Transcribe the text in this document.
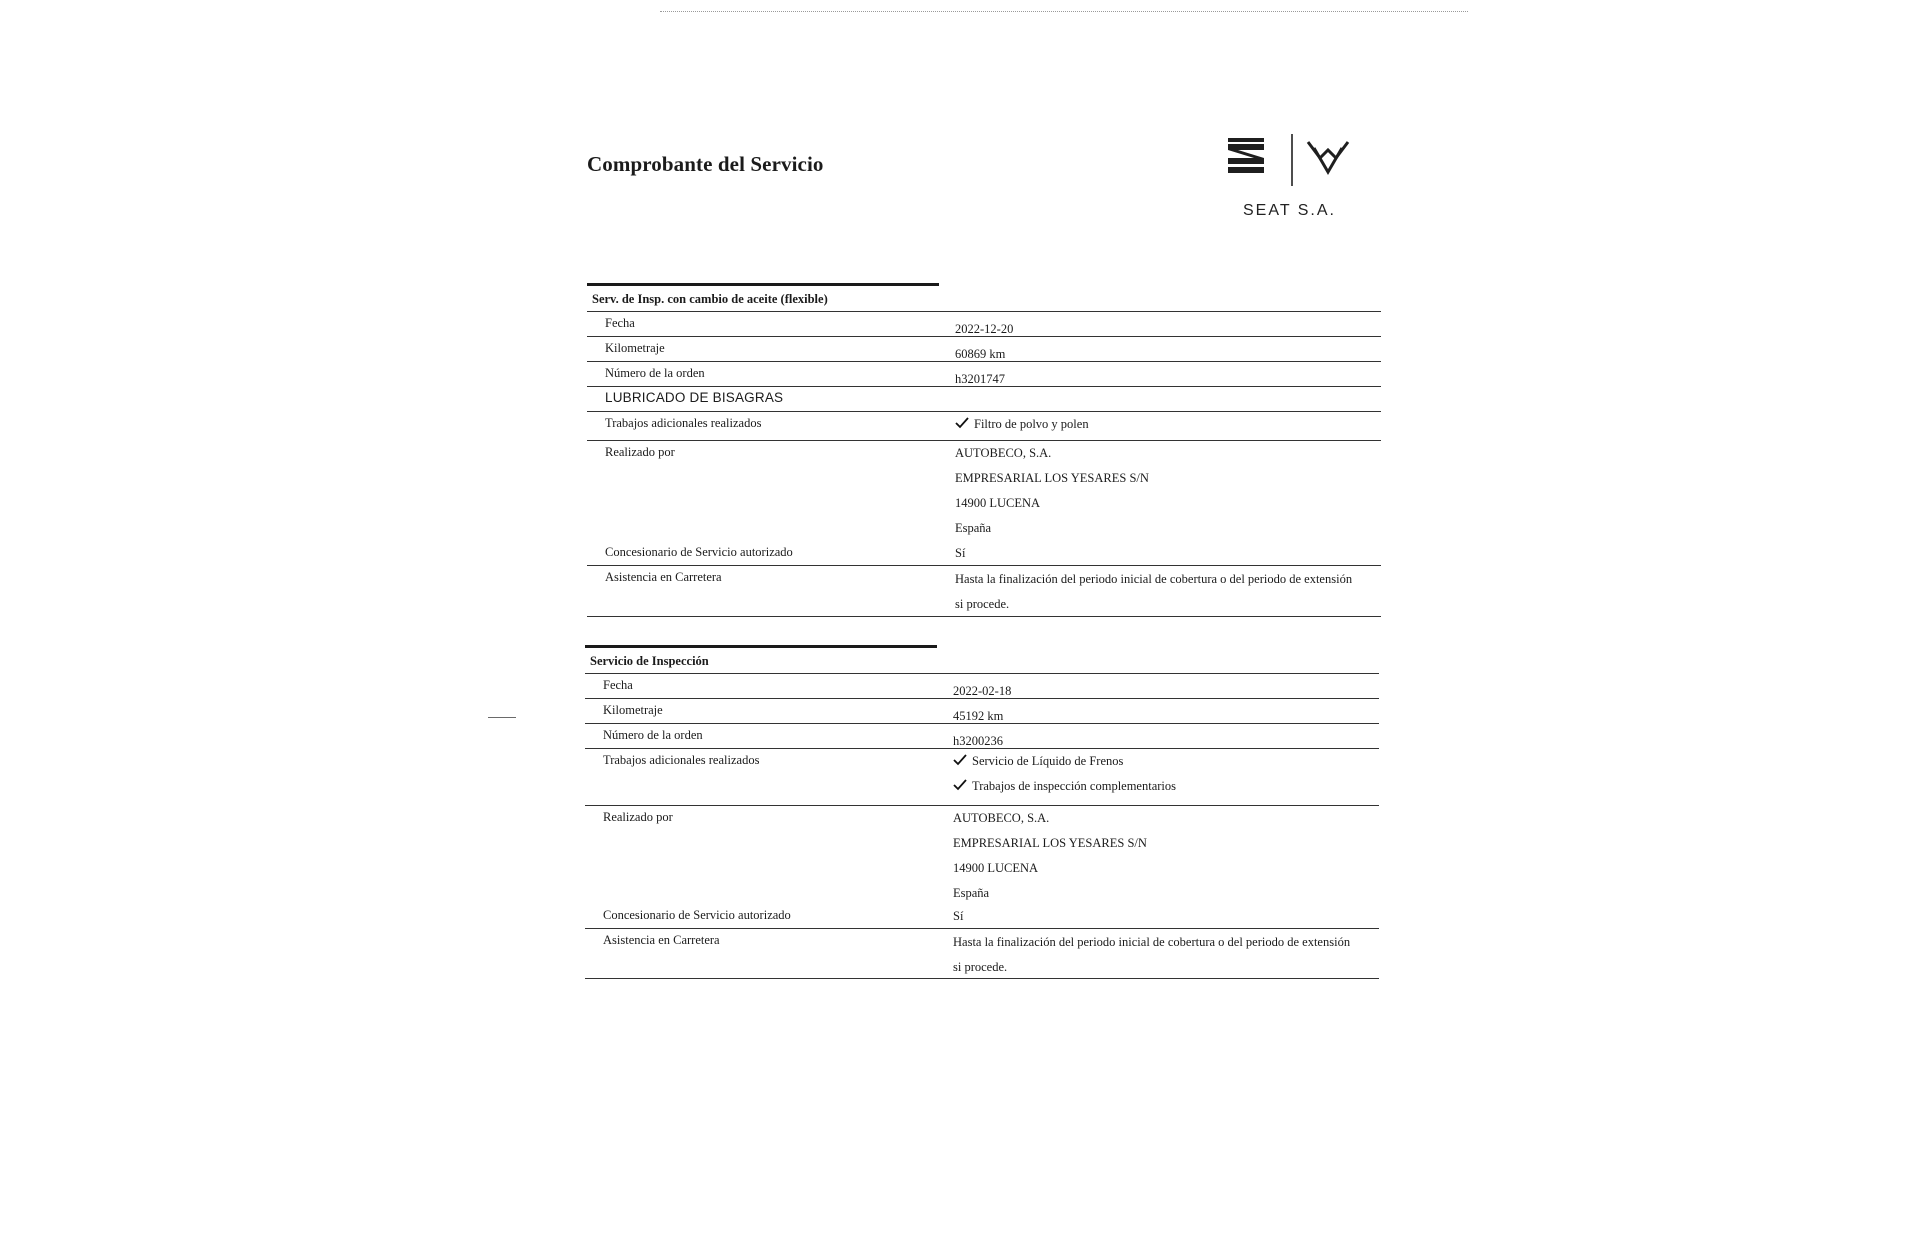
Comprobante del Servicio
SEAT S.A.
Serv. de Insp. con cambio de aceite (flexible)
Fecha	2022-12-20
Kilometraje	60869 km
Número de la orden	h3201747
LUBRICADO DE BISAGRAS
Trabajos adicionales realizados	Filtro de polvo y polen
Realizado por	AUTOBECO, S.A.
EMPRESARIAL LOS YESARES S/N
14900 LUCENA
España
Concesionario de Servicio autorizado	Sí
Asistencia en Carretera	Hasta la finalización del periodo inicial de cobertura o del periodo de extensión
si procede.
Servicio de Inspección
Fecha	2022-02-18
Kilometraje	45192 km
Número de la orden	h3200236
Trabajos adicionales realizados	Servicio de Líquido de Frenos
Trabajos de inspección complementarios
Realizado por	AUTOBECO, S.A.
EMPRESARIAL LOS YESARES S/N
14900 LUCENA
España
Concesionario de Servicio autorizado	Sí
Asistencia en Carretera	Hasta la finalización del periodo inicial de cobertura o del periodo de extensión
si procede.
